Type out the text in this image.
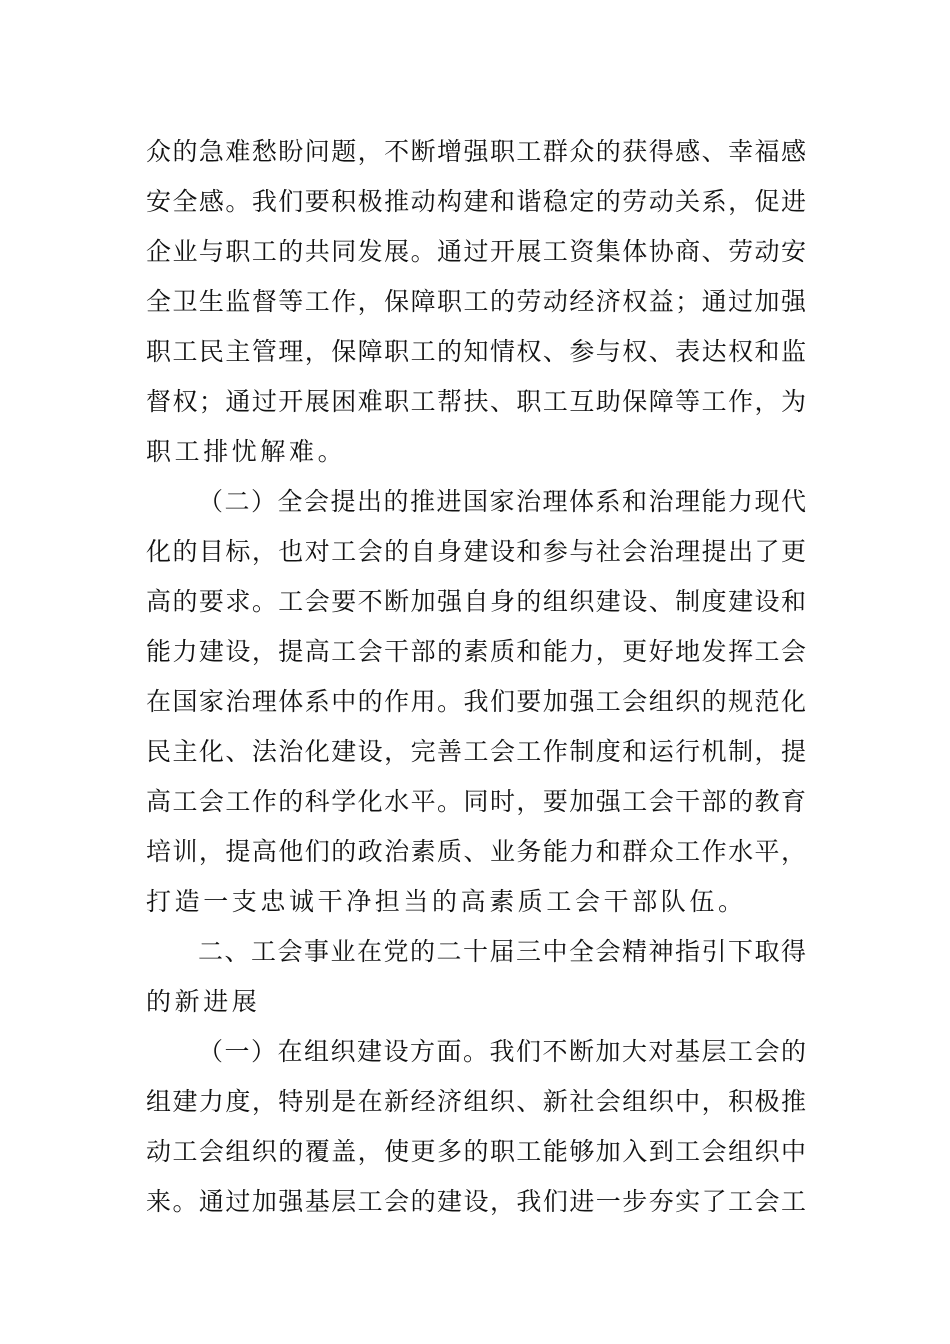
众的急难愁盼问题，不断增强职工群众的获得感、幸福感
安全感。我们要积极推动构建和谐稳定的劳动关系，促进
企业与职工的共同发展。通过开展工资集体协商、劳动安
全卫生监督等工作，保障职工的劳动经济权益；通过加强
职工民主管理，保障职工的知情权、参与权、表达权和监
督权；通过开展困难职工帮扶、职工互助保障等工作，为
职工排忧解难。
（二）全会提出的推进国家治理体系和治理能力现代
化的目标，也对工会的自身建设和参与社会治理提出了更
高的要求。工会要不断加强自身的组织建设、制度建设和
能力建设，提高工会干部的素质和能力，更好地发挥工会
在国家治理体系中的作用。我们要加强工会组织的规范化
民主化、法治化建设，完善工会工作制度和运行机制，提
高工会工作的科学化水平。同时，要加强工会干部的教育
培训，提高他们的政治素质、业务能力和群众工作水平，
打造一支忠诚干净担当的高素质工会干部队伍。
二、工会事业在党的二十届三中全会精神指引下取得
的新进展
（一）在组织建设方面。我们不断加大对基层工会的
组建力度，特别是在新经济组织、新社会组织中，积极推
动工会组织的覆盖，使更多的职工能够加入到工会组织中
来。通过加强基层工会的建设，我们进一步夯实了工会工
